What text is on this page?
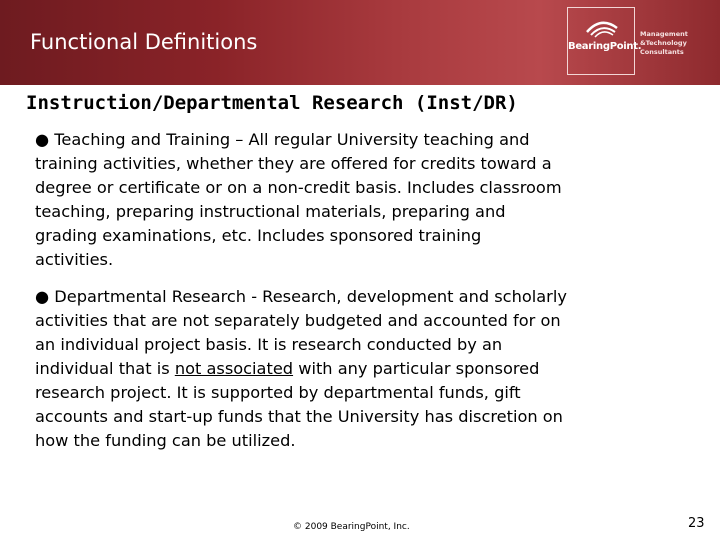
Functional Definitions	BearingPoint.
Management
&Technology
Consultants
Instruction/Departmental Research (Inst/DR)
● Teaching and Training – All regular University teaching and
training activities, whether they are offered for credits toward a
degree or certificate or on a non-credit basis. Includes classroom
teaching, preparing instructional materials, preparing and
grading examinations, etc. Includes sponsored training
activities.
● Departmental Research - Research, development and scholarly
activities that are not separately budgeted and accounted for on
an individual project basis. It is research conducted by an
individual that is not associated with any particular sponsored
research project. It is supported by departmental funds, gift
accounts and start-up funds that the University has discretion on
how the funding can be utilized.
© 2009 BearingPoint, Inc.	23
